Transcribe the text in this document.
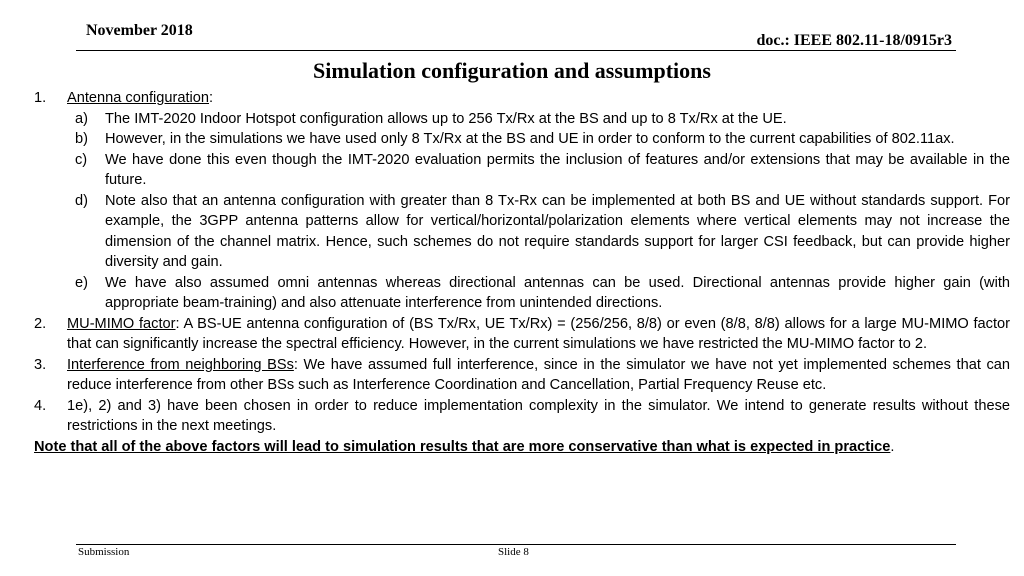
November 2018
doc.: IEEE 802.11-18/0915r3
Simulation configuration and assumptions
1.	Antenna configuration:
a)	The IMT-2020 Indoor Hotspot configuration allows up to 256 Tx/Rx at the BS and up to 8 Tx/Rx at the UE.
b)	However, in the simulations we have used only 8 Tx/Rx at the BS and UE in order to conform to the current capabilities of 802.11ax.
c)	We have done this even though the IMT-2020 evaluation permits the inclusion of features and/or extensions that may be available in the future.
d)	Note also that an antenna configuration with greater than 8 Tx-Rx can be implemented at both BS and UE without standards support. For example, the 3GPP antenna patterns allow for vertical/horizontal/polarization elements where vertical elements may not increase the dimension of the channel matrix. Hence, such schemes do not require standards support for larger CSI feedback, but can provide higher diversity and gain.
e)	We have also assumed omni antennas whereas directional antennas can be used. Directional antennas provide higher gain (with appropriate beam-training) and also attenuate interference from unintended directions.
2.	MU-MIMO factor: A BS-UE antenna configuration of (BS Tx/Rx, UE Tx/Rx) = (256/256, 8/8) or even (8/8, 8/8) allows for a large MU-MIMO factor that can significantly increase the spectral efficiency. However, in the current simulations we have restricted the MU-MIMO factor to 2.
3.	Interference from neighboring BSs: We have assumed full interference, since in the simulator we have not yet implemented schemes that can reduce interference from other BSs such as Interference Coordination and Cancellation, Partial Frequency Reuse etc.
4.	1e), 2) and 3) have been chosen in order to reduce implementation complexity in the simulator. We intend to generate results without these restrictions in the next meetings.
Note that all of the above factors will lead to simulation results that are more conservative than what is expected in practice.
Submission	Slide 8
